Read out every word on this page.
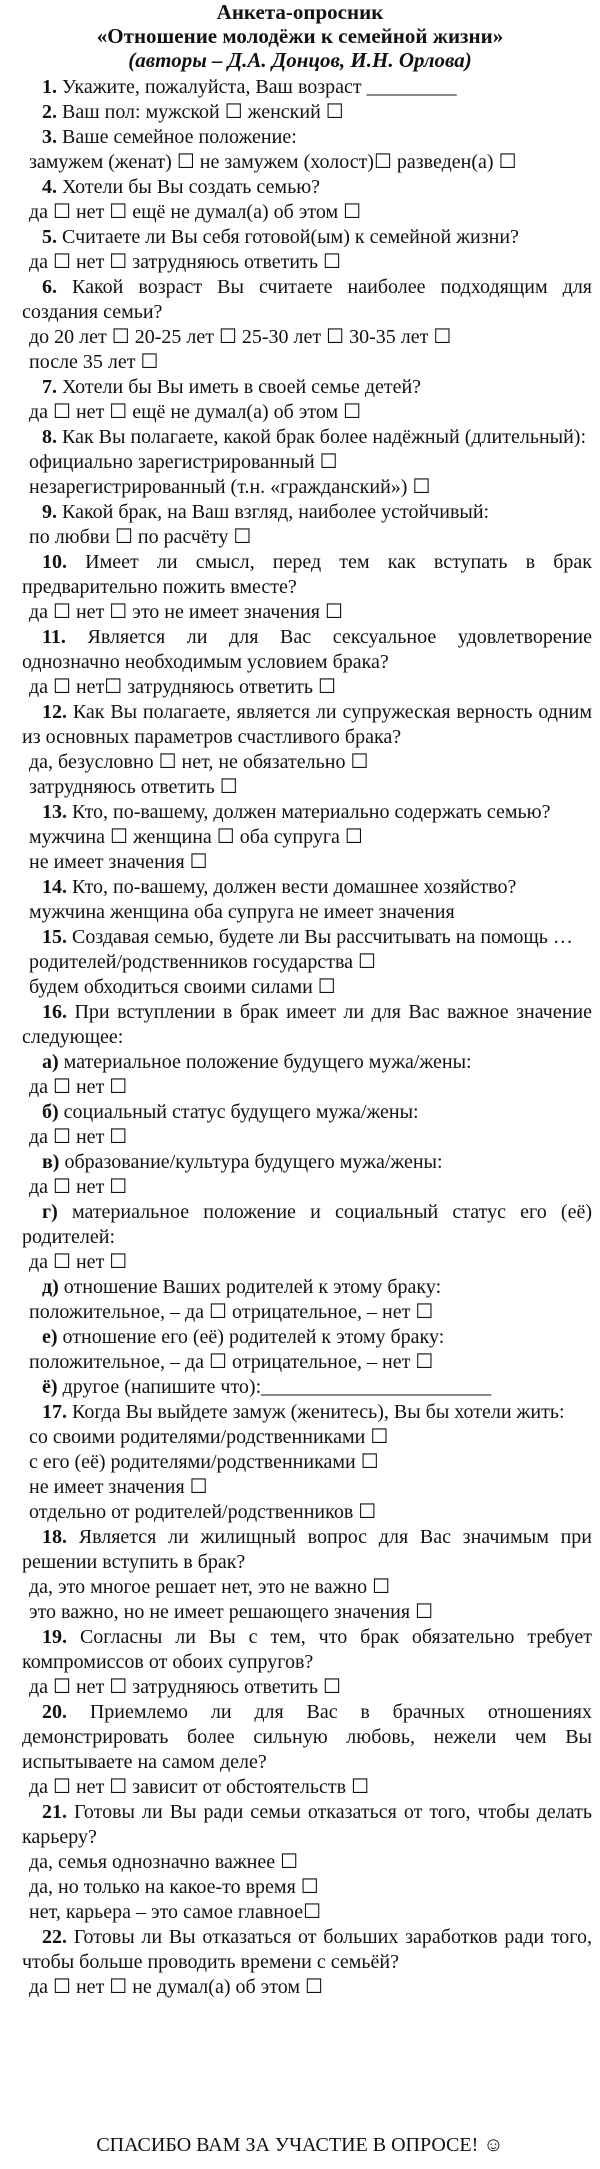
Анкета-опросник
«Отношение молодёжи к семейной жизни»
(авторы – Д.А. Донцов, И.Н. Орлова)
1. Укажите, пожалуйста, Ваш возраст _________
2. Ваш пол: мужской ☐ женский ☐
3. Ваше семейное положение:
замужем (женат) ☐ не замужем (холост)☐ разведен(а) ☐
4. Хотели бы Вы создать семью?
да ☐ нет ☐ ещё не думал(а) об этом ☐
5. Считаете ли Вы себя готовой(ым) к семейной жизни?
да ☐ нет ☐ затрудняюсь ответить ☐
6. Какой возраст Вы считаете наиболее подходящим для создания семьи?
до 20 лет ☐ 20-25 лет ☐ 25-30 лет ☐ 30-35 лет ☐
после 35 лет ☐
7. Хотели бы Вы иметь в своей семье детей?
да ☐ нет ☐ ещё не думал(а) об этом ☐
8. Как Вы полагаете, какой брак более надёжный (длительный):
официально зарегистрированный ☐
незарегистрированный (т.н. «гражданский») ☐
9. Какой брак, на Ваш взгляд, наиболее устойчивый:
по любви ☐ по расчёту ☐
10. Имеет ли смысл, перед тем как вступать в брак предварительно пожить вместе?
да ☐ нет ☐ это не имеет значения ☐
11. Является ли для Вас сексуальное удовлетворение однозначно необходимым условием брака?
да ☐ нет☐ затрудняюсь ответить ☐
12. Как Вы полагаете, является ли супружеская верность одним из основных параметров счастливого брака?
да, безусловно ☐ нет, не обязательно ☐
затрудняюсь ответить ☐
13. Кто, по-вашему, должен материально содержать семью?
мужчина ☐ женщина ☐ оба супруга ☐
не имеет значения ☐
14. Кто, по-вашему, должен вести домашнее хозяйство?
мужчина женщина оба супруга не имеет значения
15. Создавая семью, будете ли Вы рассчитывать на помощь …
родителей/родственников государства ☐
будем обходиться своими силами ☐
16. При вступлении в брак имеет ли для Вас важное значение следующее:
а) материальное положение будущего мужа/жены:
да ☐ нет ☐
б) социальный статус будущего мужа/жены:
да ☐ нет ☐
в) образование/культура будущего мужа/жены:
да ☐ нет ☐
г) материальное положение и социальный статус его (её) родителей:
да ☐ нет ☐
д) отношение Ваших родителей к этому браку:
положительное, – да ☐ отрицательное, – нет ☐
е) отношение его (её) родителей к этому браку:
положительное, – да ☐ отрицательное, – нет ☐
ё) другое (напишите что):_______________________
17. Когда Вы выйдете замуж (женитесь), Вы бы хотели жить:
со своими родителями/родственниками ☐
с его (её) родителями/родственниками ☐
не имеет значения ☐
отдельно от родителей/родственников ☐
18. Является ли жилищный вопрос для Вас значимым при решении вступить в брак?
да, это многое решает нет, это не важно ☐
это важно, но не имеет решающего значения ☐
19. Согласны ли Вы с тем, что брак обязательно требует компромиссов от обоих супругов?
да ☐ нет ☐ затрудняюсь ответить ☐
20. Приемлемо ли для Вас в брачных отношениях демонстрировать более сильную любовь, нежели чем Вы испытываете на самом деле?
да ☐ нет ☐ зависит от обстоятельств ☐
21. Готовы ли Вы ради семьи отказаться от того, чтобы делать карьеру?
да, семья однозначно важнее ☐
да, но только на какое-то время ☐
нет, карьера – это самое главное☐
22. Готовы ли Вы отказаться от больших заработков ради того, чтобы больше проводить времени с семьёй?
да ☐ нет ☐ не думал(а) об этом ☐
СПАСИБО ВАМ ЗА УЧАСТИЕ В ОПРОСЕ! ☺
